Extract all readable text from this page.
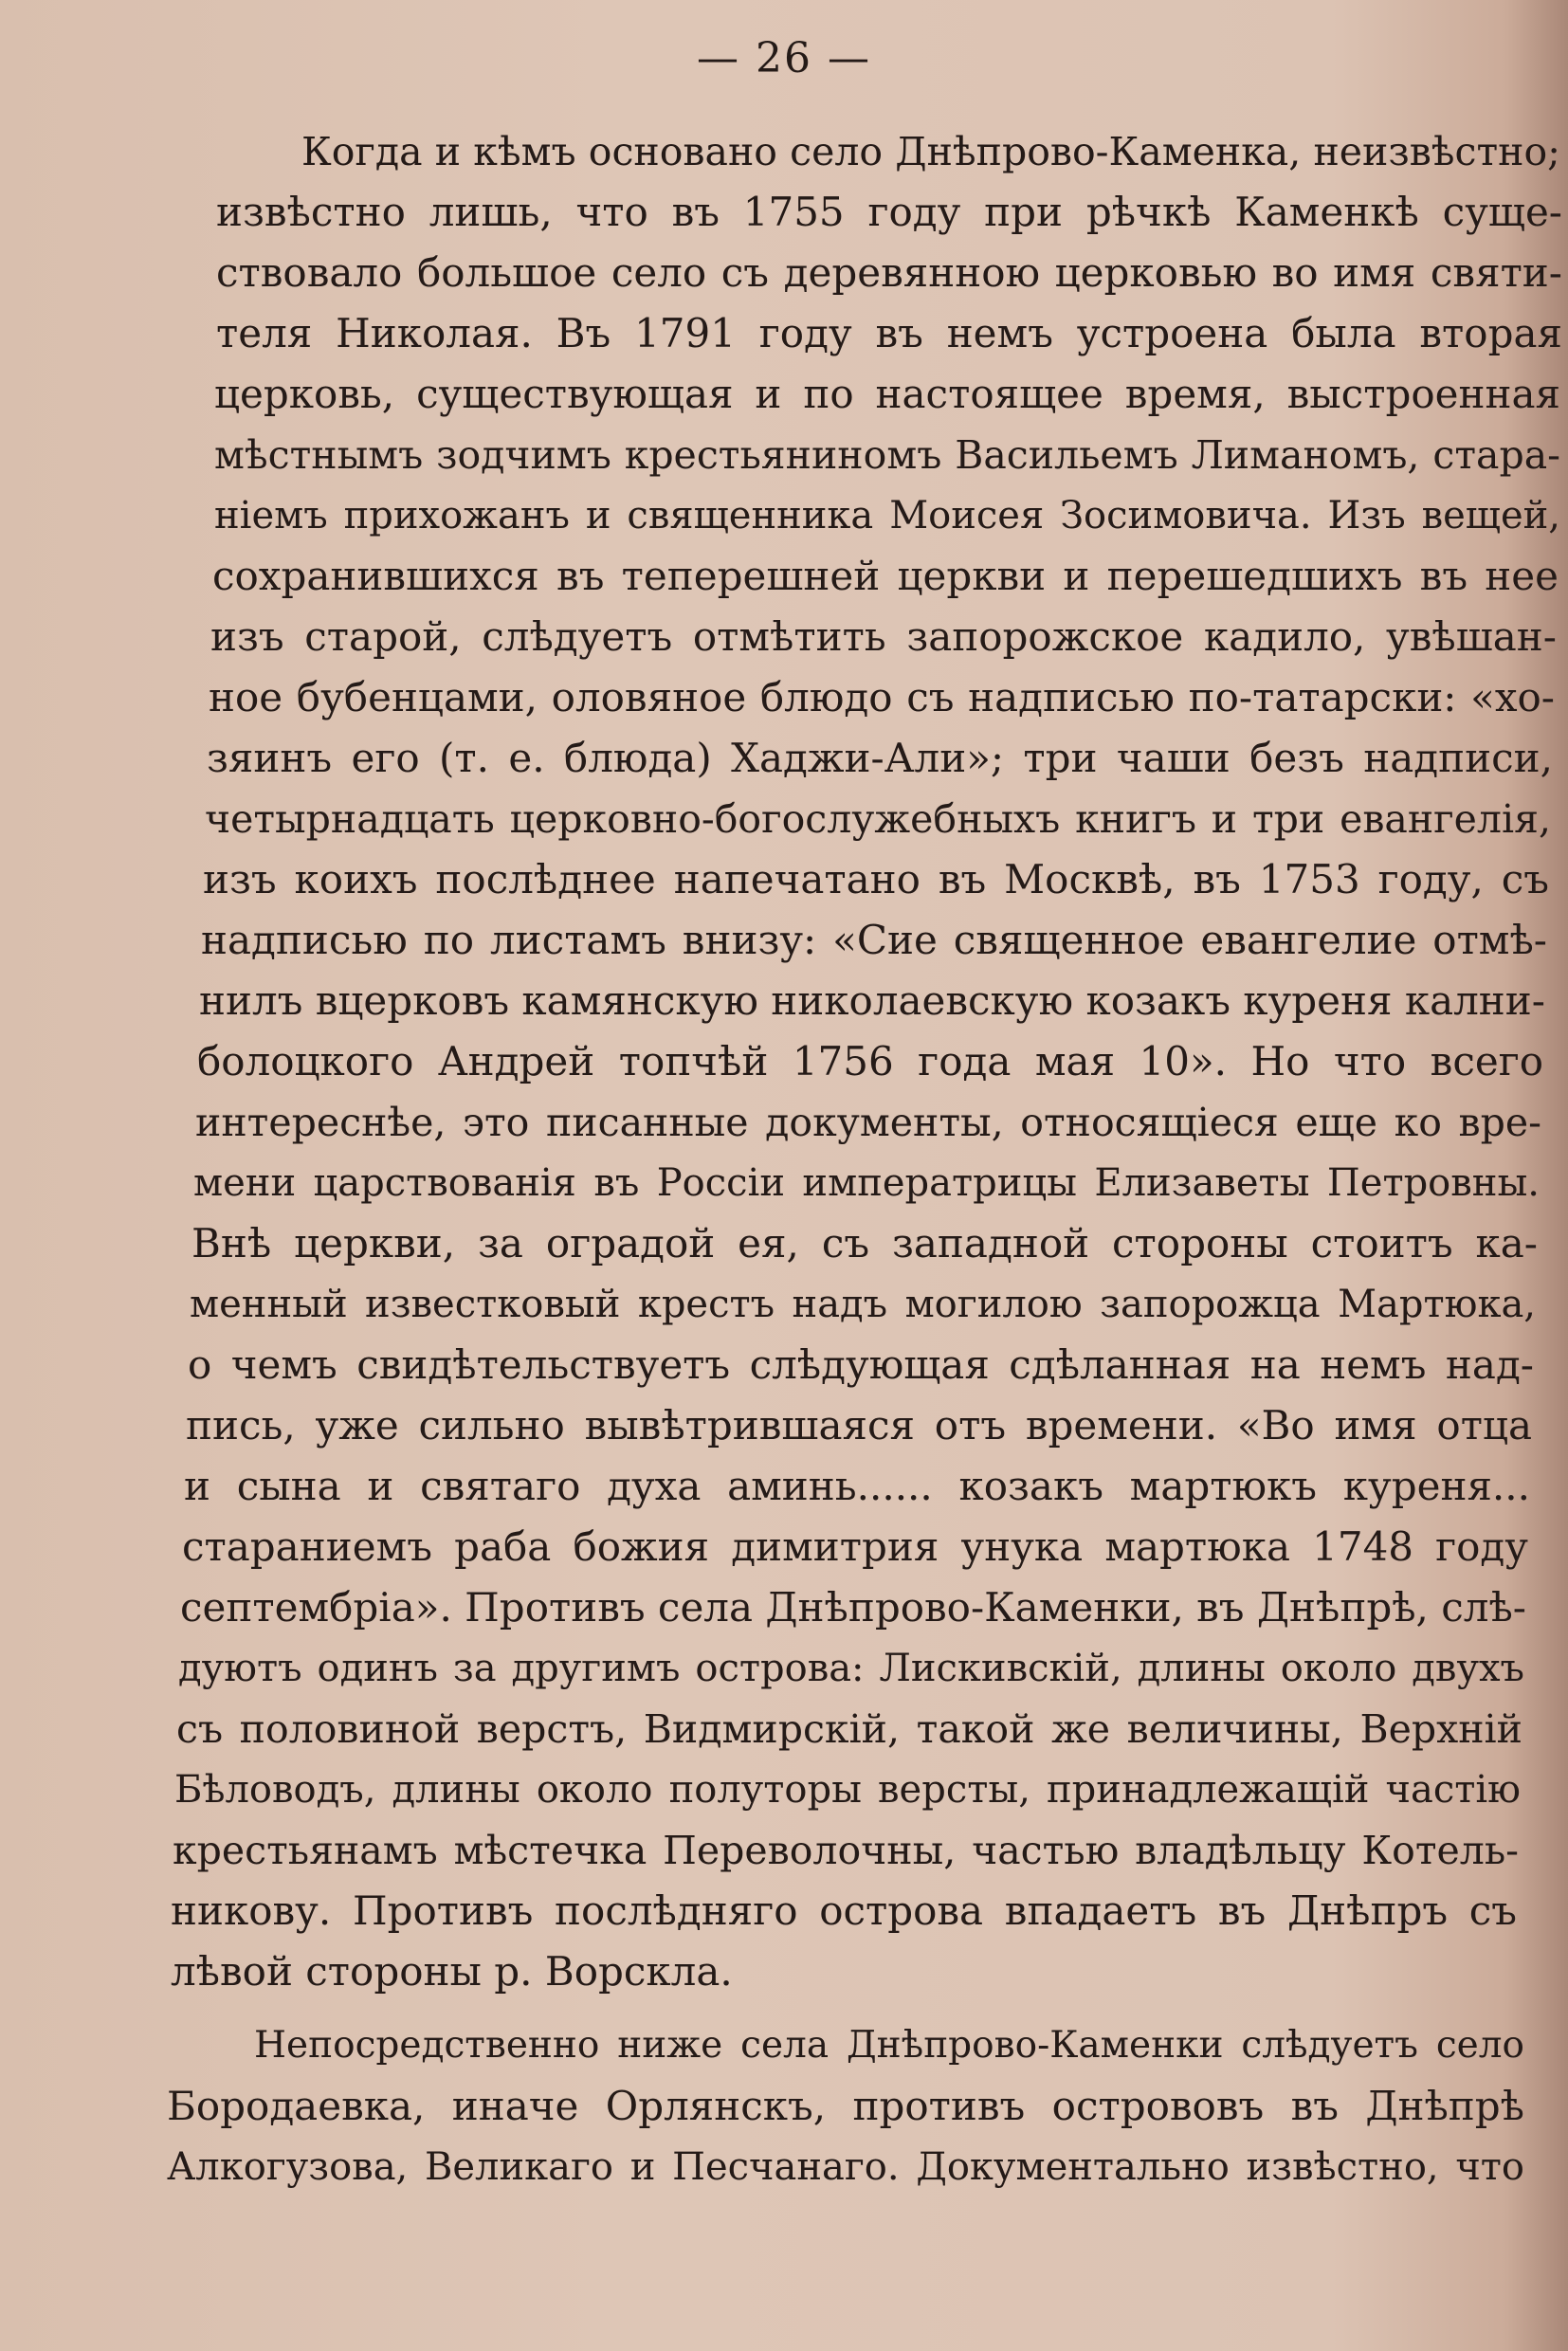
— 26 —
Когда и кѣмъ основано село Днѣпрово-Каменка, неизвѣстно;
извѣстно лишь, что въ 1755 году при рѣчкѣ Каменкѣ суще-
ствовало большое село съ деревянною церковью во имя святи-
теля Николая. Въ 1791 году въ немъ устроена была вторая
церковь, существующая и по настоящее время, выстроенная
мѣстнымъ зодчимъ крестьяниномъ Васильемъ Лиманомъ, стара-
ніемъ прихожанъ и священника Моисея Зосимовича. Изъ вещей,
сохранившихся въ теперешней церкви и перешедшихъ въ нее
изъ старой, слѣдуетъ отмѣтить запорожское кадило, увѣшан-
ное бубенцами, оловяное блюдо съ надписью по-татарски: «хо-
зяинъ его (т. е. блюда) Хаджи-Али»; три чаши безъ надписи,
четырнадцать церковно-богослужебныхъ книгъ и три евангелія,
изъ коихъ послѣднее напечатано въ Москвѣ, въ 1753 году, съ
надписью по листамъ внизу: «Сие священное евангелие отмѣ-
нилъ вцерковъ камянскую николаевскую козакъ куреня кални-
болоцкого Андрей топчѣй 1756 года мая 10». Но что всего
интереснѣе, это писанные документы, относящіеся еще ко вре-
мени царствованія въ Россіи императрицы Елизаветы Петровны.
Внѣ церкви, за оградой ея, съ западной стороны стоитъ ка-
менный известковый крестъ надъ могилою запорожца Мартюка,
о чемъ свидѣтельствуетъ слѣдующая сдѣланная на немъ над-
пись, уже сильно вывѣтрившаяся отъ времени. «Во имя отца
и сына и святаго духа аминь...... козакъ мартюкъ куреня...
стараниемъ раба божия димитрия унука мартюка 1748 году
септембріа». Противъ села Днѣпрово-Каменки, въ Днѣпрѣ, слѣ-
дуютъ одинъ за другимъ острова: Лискивскій, длины около двухъ
съ половиной верстъ, Видмирскій, такой же величины, Верхній
Бѣловодъ, длины около полуторы версты, принадлежащій частію
крестьянамъ мѣстечка Переволочны, частью владѣльцу Котель-
никову. Противъ послѣдняго острова впадаетъ въ Днѣпръ съ
лѣвой стороны р. Ворскла.
Непосредственно ниже села Днѣпрово-Каменки слѣдуетъ село
Бородаевка, иначе Орлянскъ, противъ острововъ въ Днѣпрѣ
Алкогузова, Великаго и Песчанаго. Документально извѣстно, что
